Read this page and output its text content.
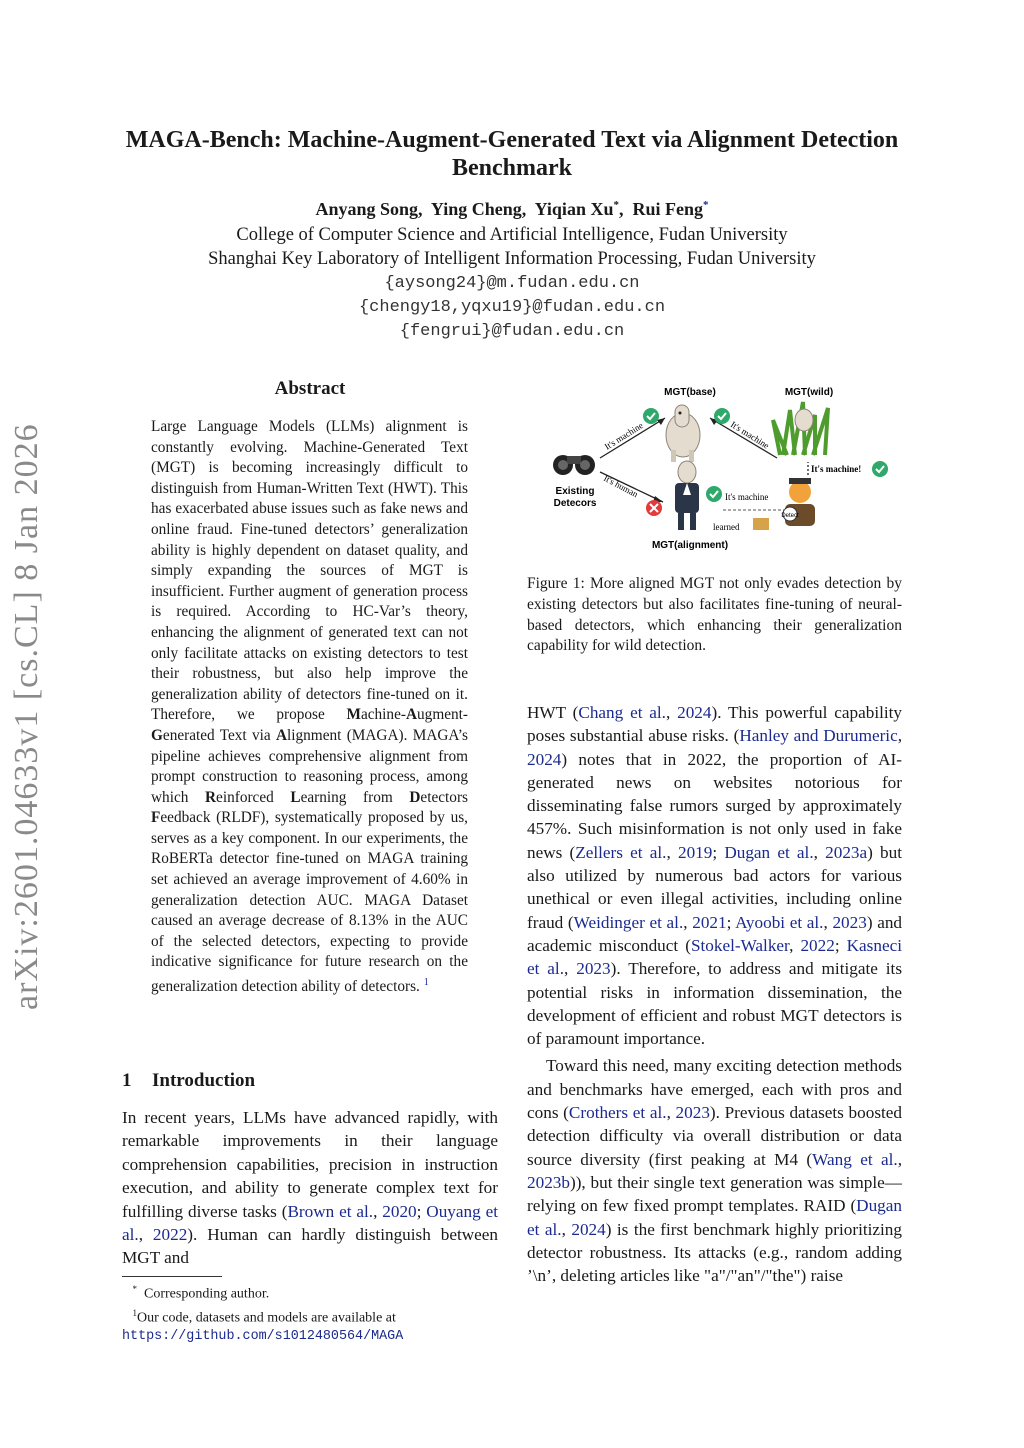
arXiv:2601.04633v1 [cs.CL] 8 Jan 2026
MAGA-Bench: Machine-Augment-Generated Text via Alignment Detection Benchmark
Anyang Song, Ying Cheng, Yiqian Xu*,  Rui Feng*
College of Computer Science and Artificial Intelligence, Fudan University
Shanghai Key Laboratory of Intelligent Information Processing, Fudan University
{aysong24}@m.fudan.edu.cn
{chengy18,yqxu19}@fudan.edu.cn
{fengrui}@fudan.edu.cn
Abstract
Large Language Models (LLMs) alignment is constantly evolving. Machine-Generated Text (MGT) is becoming increasingly difficult to distinguish from Human-Written Text (HWT). This has exacerbated abuse issues such as fake news and online fraud. Fine-tuned detectors’ generalization ability is highly dependent on dataset quality, and simply expanding the sources of MGT is insufficient. Further augment of generation process is required. According to HC-Var’s theory, enhancing the alignment of generated text can not only facilitate attacks on existing detectors to test their robustness, but also help improve the generalization ability of detectors fine-tuned on it. Therefore, we propose Machine-Augment-Generated Text via Alignment (MAGA). MAGA’s pipeline achieves comprehensive alignment from prompt construction to reasoning process, among which Reinforced Learning from Detectors Feedback (RLDF), systematically proposed by us, serves as a key component. In our experiments, the RoBERTa detector fine-tuned on MAGA training set achieved an average improvement of 4.60% in generalization detection AUC. MAGA Dataset caused an average decrease of 8.13% in the AUC of the selected detectors, expecting to provide indicative significance for future research on the generalization detection ability of detectors. $^1$
1 Introduction
In recent years, LLMs have advanced rapidly, with remarkable improvements in their language comprehension capabilities, precision in instruction execution, and ability to generate complex text for fulfilling diverse tasks (Brown et al., 2020; Ouyang et al., 2022). Human can hardly distinguish between MGT and
* Corresponding author.
$^1$Our code, datasets and models are available at https://github.com/s1012480564/MAGA
MGT(base)	MGT(wild)
MGT(alignment)
Existing
Detecors
It's machine	It's machine
It's human	It's machine
learned
Detect
It's machine!
Figure 1: More aligned MGT not only evades detection by existing detectors but also facilitates fine-tuning of neural-based detectors, which enhancing their generalization capability for wild detection.

HWT (Chang et al., 2024). This powerful capability poses substantial abuse risks. (Hanley and Durumeric, 2024) notes that in 2022, the proportion of AI-generated news on websites notorious for disseminating false rumors surged by approximately 457%. Such misinformation is not only used in fake news (Zellers et al., 2019; Dugan et al., 2023a) but also utilized by numerous bad actors for various unethical or even illegal activities, including online fraud (Weidinger et al., 2021; Ayoobi et al., 2023) and academic misconduct (Stokel-Walker, 2022; Kasneci et al., 2023). Therefore, to address and mitigate its potential risks in information dissemination, the development of efficient and robust MGT detectors is of paramount importance.

Toward this need, many exciting detection methods and benchmarks have emerged, each with pros and cons (Crothers et al., 2023). Previous datasets boosted detection difficulty via overall distribution or data source diversity (first peaking at M4 (Wang et al., 2023b)), but their single text generation was simple—relying on few fixed prompt templates. RAID (Dugan et al., 2024) is the first benchmark highly prioritizing detector robustness. Its attacks (e.g., random adding ’\n’, deleting articles like "a"/"an"/"the") raise
